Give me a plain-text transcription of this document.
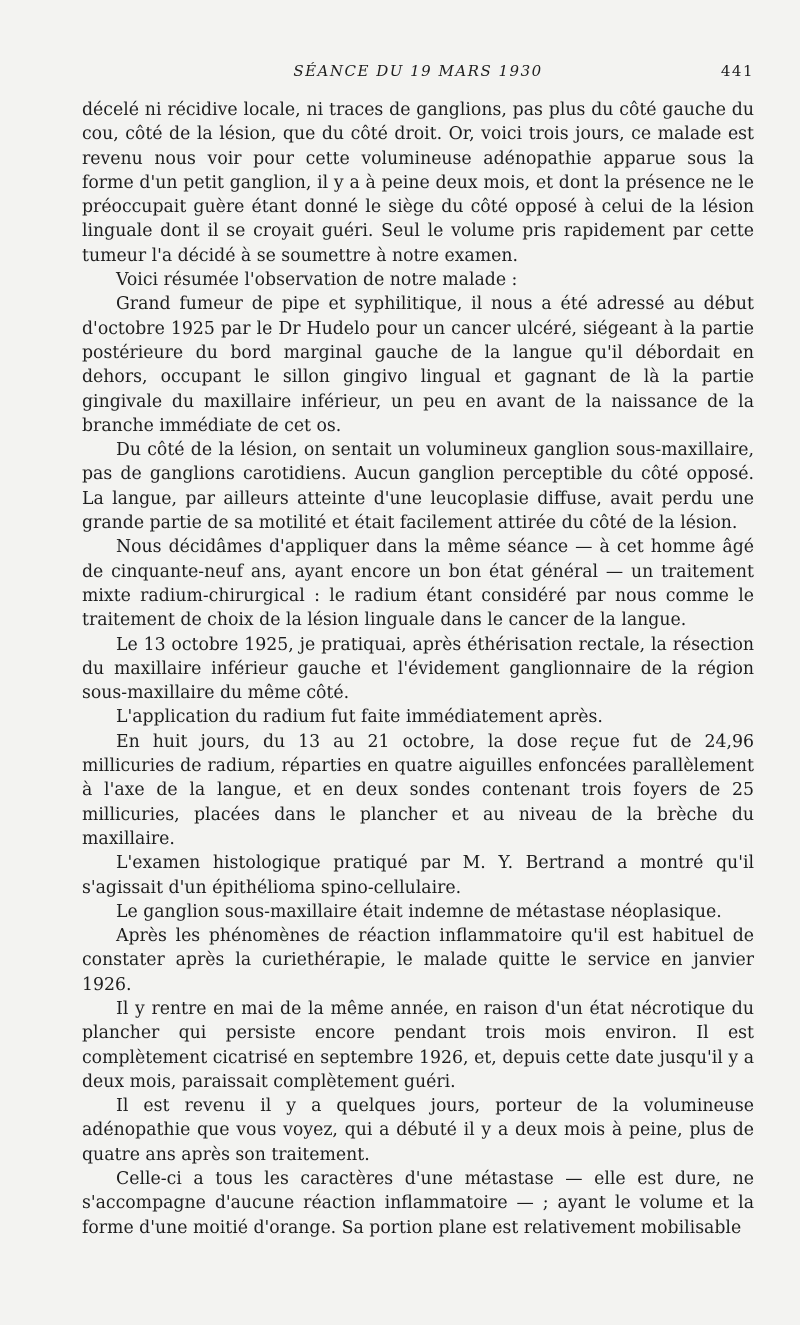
SÉANCE DU 19 MARS 1930	441

décelé ni récidive locale, ni traces de ganglions, pas plus du côté gauche du cou, côté de la lésion, que du côté droit. Or, voici trois jours, ce malade est revenu nous voir pour cette volumineuse adénopathie apparue sous la forme d'un petit ganglion, il y a à peine deux mois, et dont la présence ne le préoccupait guère étant donné le siège du côté opposé à celui de la lésion linguale dont il se croyait guéri. Seul le volume pris rapidement par cette tumeur l'a décidé à se soumettre à notre examen.

Voici résumée l'observation de notre malade :

Grand fumeur de pipe et syphilitique, il nous a été adressé au début d'octobre 1925 par le Dr Hudelo pour un cancer ulcéré, siégeant à la partie postérieure du bord marginal gauche de la langue qu'il débordait en dehors, occupant le sillon gingivo lingual et gagnant de là la partie gingivale du maxillaire inférieur, un peu en avant de la naissance de la branche immédiate de cet os.

Du côté de la lésion, on sentait un volumineux ganglion sous-maxillaire, pas de ganglions carotidiens. Aucun ganglion perceptible du côté opposé. La langue, par ailleurs atteinte d'une leucoplasie diffuse, avait perdu une grande partie de sa motilité et était facilement attirée du côté de la lésion.

Nous décidâmes d'appliquer dans la même séance — à cet homme âgé de cinquante-neuf ans, ayant encore un bon état général — un traitement mixte radium-chirurgical : le radium étant considéré par nous comme le traitement de choix de la lésion linguale dans le cancer de la langue.

Le 13 octobre 1925, je pratiquai, après éthérisation rectale, la résection du maxillaire inférieur gauche et l'évidement ganglionnaire de la région sous-maxillaire du même côté.

L'application du radium fut faite immédiatement après.

En huit jours, du 13 au 21 octobre, la dose reçue fut de 24,96 millicuries de radium, réparties en quatre aiguilles enfoncées parallèlement à l'axe de la langue, et en deux sondes contenant trois foyers de 25 millicuries, placées dans le plancher et au niveau de la brèche du maxillaire.

L'examen histologique pratiqué par M. Y. Bertrand a montré qu'il s'agissait d'un épithélioma spino-cellulaire.

Le ganglion sous-maxillaire était indemne de métastase néoplasique.

Après les phénomènes de réaction inflammatoire qu'il est habituel de constater après la curiethérapie, le malade quitte le service en janvier 1926.

Il y rentre en mai de la même année, en raison d'un état nécrotique du plancher qui persiste encore pendant trois mois environ. Il est complètement cicatrisé en septembre 1926, et, depuis cette date jusqu'il y a deux mois, paraissait complètement guéri.

Il est revenu il y a quelques jours, porteur de la volumineuse adénopathie que vous voyez, qui a débuté il y a deux mois à peine, plus de quatre ans après son traitement.

Celle-ci a tous les caractères d'une métastase — elle est dure, ne s'accompagne d'aucune réaction inflammatoire — ; ayant le volume et la forme d'une moitié d'orange. Sa portion plane est relativement mobilisable
